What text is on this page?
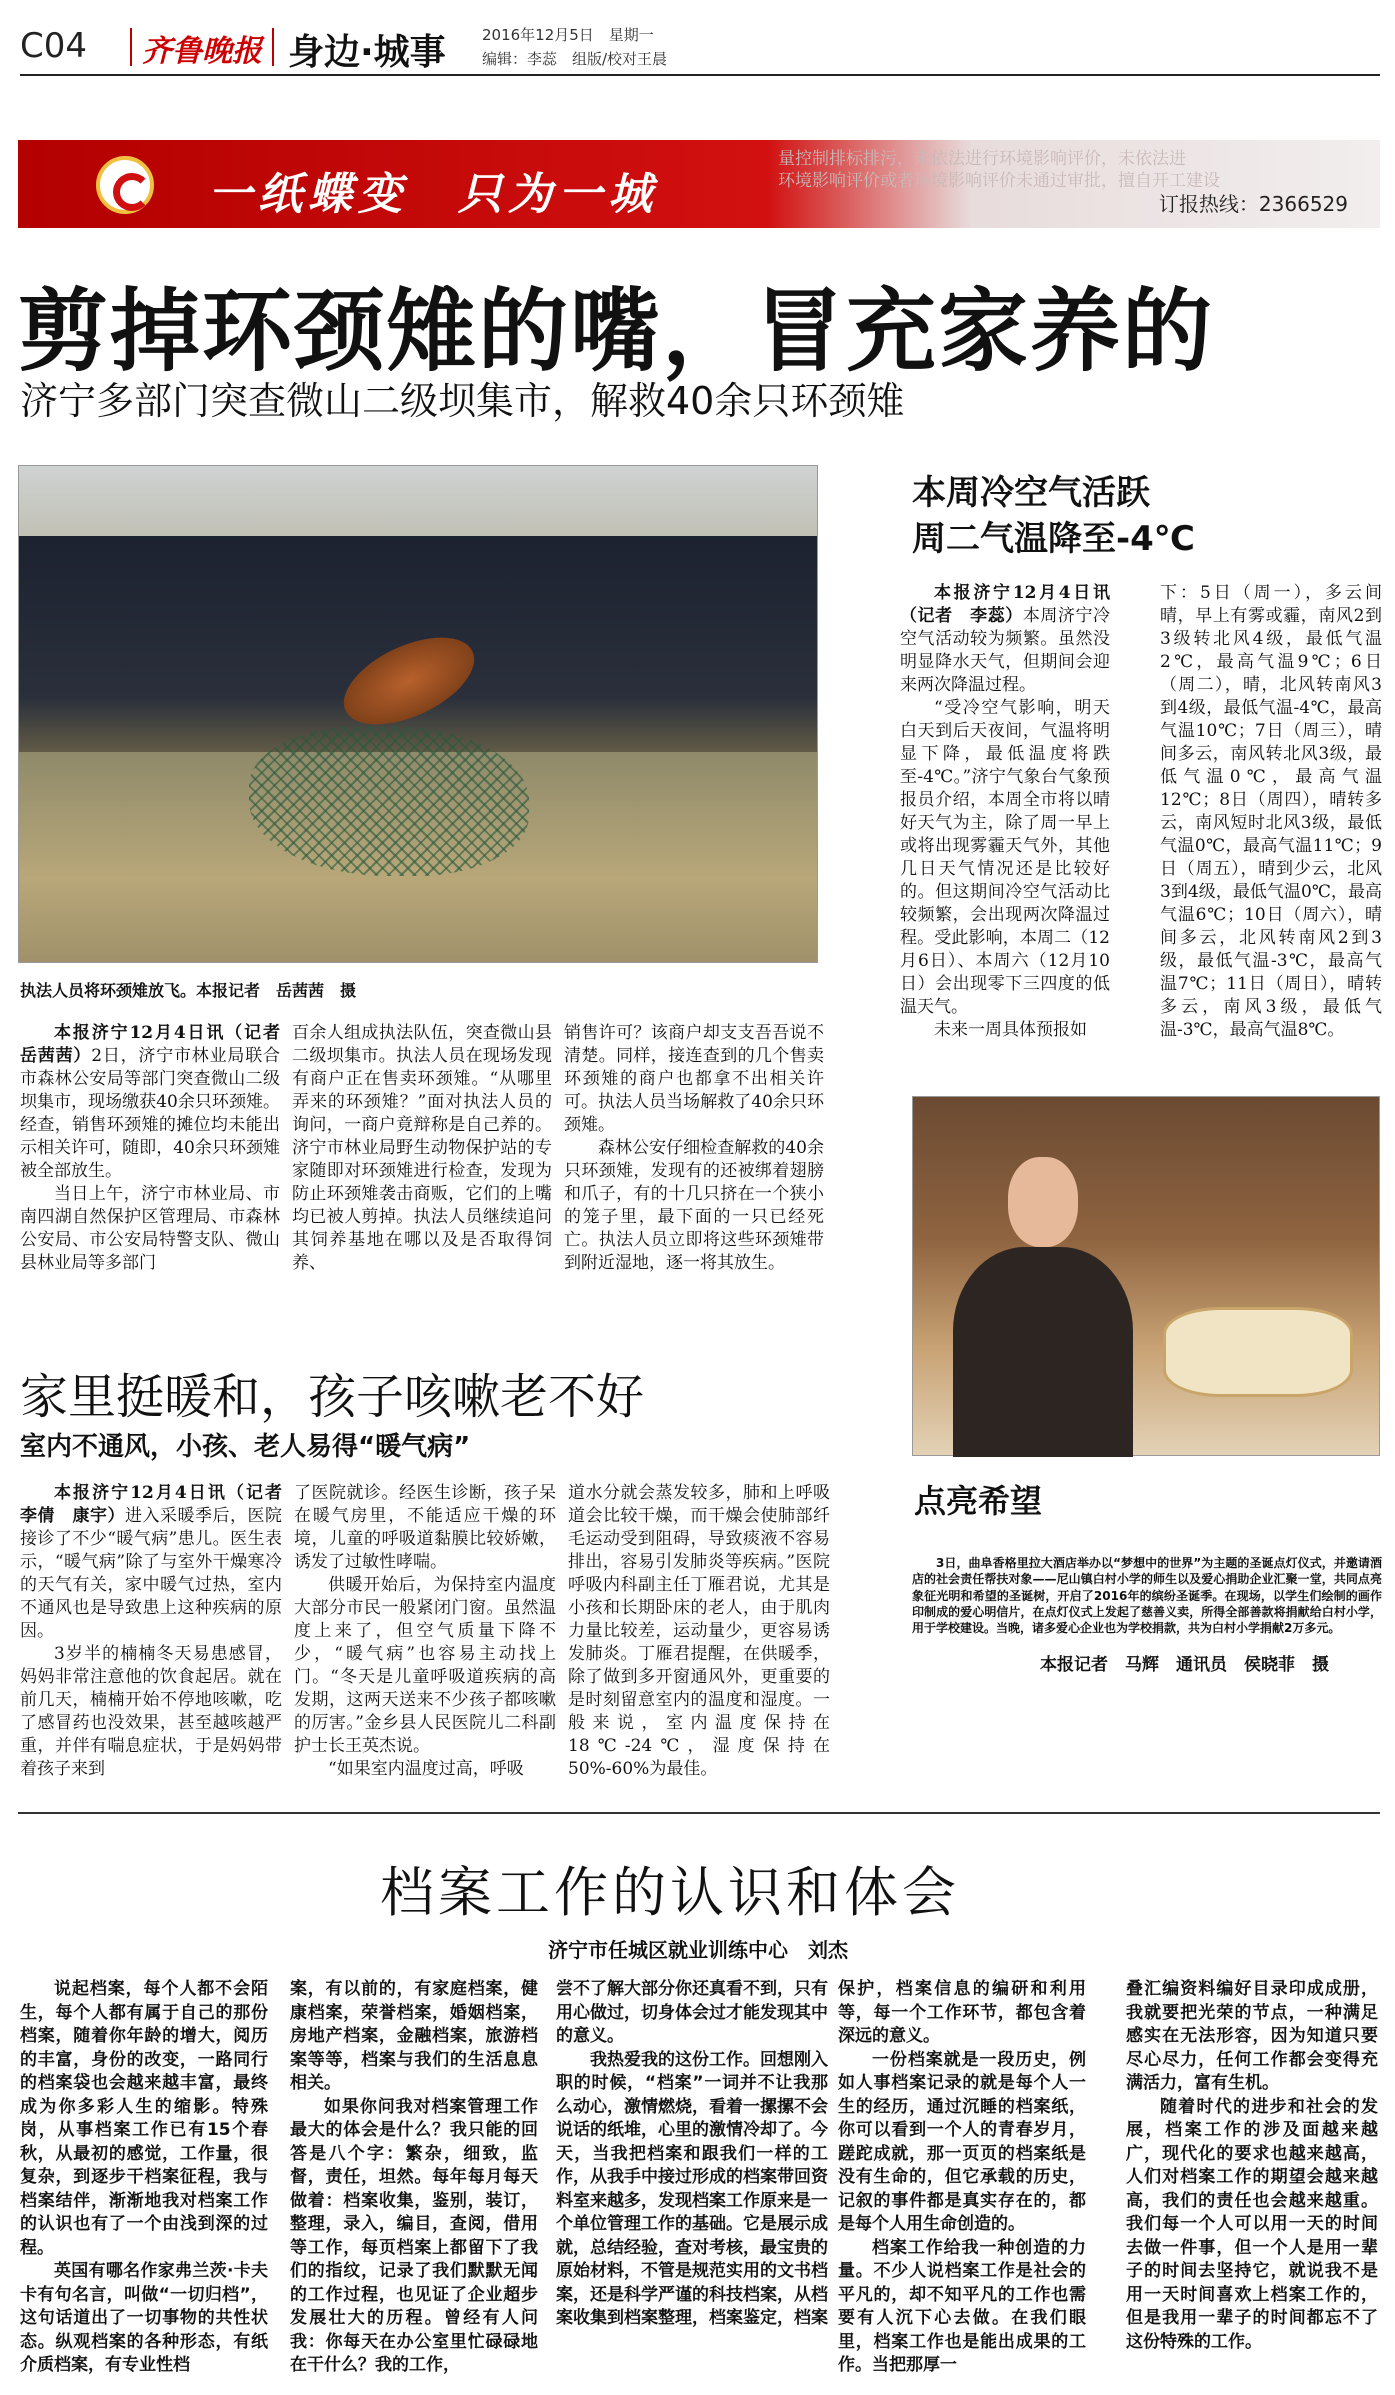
C04 齐鲁晚报 身边·城事 2016年12月5日　星期一
编辑：李蕊　组版/校对王晨
量控制排标排污，未依法进行环境影响评价，未依法进
环境影响评价或者环境影响评价未通过审批，擅自开工建设
一纸蝶变　只为一城	订报热线：2366529
剪掉环颈雉的嘴，冒充家养的
济宁多部门突查微山二级坝集市，解救40余只环颈雉
执法人员将环颈雉放飞。本报记者　岳茜茜　摄

本报济宁12月4日讯（记者　岳茜茜）2日，济宁市林业局联合市森林公安局等部门突查微山二级坝集市，现场缴获40余只环颈雉。经查，销售环颈雉的摊位均未能出示相关许可，随即，40余只环颈雉被全部放生。

当日上午，济宁市林业局、市南四湖自然保护区管理局、市森林公安局、市公安局特警支队、微山县林业局等多部门

百余人组成执法队伍，突查微山县二级坝集市。执法人员在现场发现有商户正在售卖环颈雉。“从哪里弄来的环颈雉？”面对执法人员的询问，一商户竟辩称是自己养的。济宁市林业局野生动物保护站的专家随即对环颈雉进行检查，发现为防止环颈雉袭击商贩，它们的上嘴均已被人剪掉。执法人员继续追问其饲养基地在哪以及是否取得饲养、

销售许可？该商户却支支吾吾说不清楚。同样，接连查到的几个售卖环颈雉的商户也都拿不出相关许可。执法人员当场解救了40余只环颈雉。

森林公安仔细检查解救的40余只环颈雉，发现有的还被绑着翅膀和爪子，有的十几只挤在一个狭小的笼子里，最下面的一只已经死亡。执法人员立即将这些环颈雉带到附近湿地，逐一将其放生。

本周冷空气活跃
周二气温降至-4℃

本报济宁12月4日讯（记者　李蕊）本周济宁冷空气活动较为频繁。虽然没明显降水天气，但期间会迎来两次降温过程。

“受冷空气影响，明天白天到后天夜间，气温将明显下降，最低温度将跌至-4℃。”济宁气象台气象预报员介绍，本周全市将以晴好天气为主，除了周一早上或将出现雾霾天气外，其他几日天气情况还是比较好的。但这期间冷空气活动比较频繁，会出现两次降温过程。受此影响，本周二（12月6日）、本周六（12月10日）会出现零下三四度的低温天气。

未来一周具体预报如

下：5日（周一），多云间晴，早上有雾或霾，南风2到3级转北风4级，最低气温2℃，最高气温9℃；6日（周二），晴，北风转南风3到4级，最低气温-4℃，最高气温10℃；7日（周三），晴间多云，南风转北风3级，最低气温0℃，最高气温12℃；8日（周四），晴转多云，南风短时北风3级，最低气温0℃，最高气温11℃；9日（周五），晴到少云，北风3到4级，最低气温0℃，最高气温6℃；10日（周六），晴间多云，北风转南风2到3级，最低气温-3℃，最高气温7℃；11日（周日），晴转多云，南风3级，最低气温-3℃，最高气温8℃。

点亮希望

3日，曲阜香格里拉大酒店举办以“梦想中的世界”为主题的圣诞点灯仪式，并邀请酒店的社会责任帮扶对象——尼山镇白村小学的师生以及爱心捐助企业汇聚一堂，共同点亮象征光明和希望的圣诞树，开启了2016年的缤纷圣诞季。在现场，以学生们绘制的画作印制成的爱心明信片，在点灯仪式上发起了慈善义卖，所得全部善款将捐献给白村小学，用于学校建设。当晚，诸多爱心企业也为学校捐款，共为白村小学捐献2万多元。

本报记者　马辉　通讯员　侯晓菲　摄
家里挺暖和，孩子咳嗽老不好
室内不通风，小孩、老人易得“暖气病”

本报济宁12月4日讯（记者　李倩　康宇）进入采暖季后，医院接诊了不少“暖气病”患儿。医生表示，“暖气病”除了与室外干燥寒冷的天气有关，家中暖气过热，室内不通风也是导致患上这种疾病的原因。

3岁半的楠楠冬天易患感冒，妈妈非常注意他的饮食起居。就在前几天，楠楠开始不停地咳嗽，吃了感冒药也没效果，甚至越咳越严重，并伴有喘息症状，于是妈妈带着孩子来到

了医院就诊。经医生诊断，孩子呆在暖气房里，不能适应干燥的环境，儿童的呼吸道黏膜比较娇嫩，诱发了过敏性哮喘。

供暖开始后，为保持室内温度大部分市民一般紧闭门窗。虽然温度上来了，但空气质量下降不少，“暖气病”也容易主动找上门。“冬天是儿童呼吸道疾病的高发期，这两天送来不少孩子都咳嗽的厉害。”金乡县人民医院儿二科副护士长王英杰说。

“如果室内温度过高，呼吸

道水分就会蒸发较多，肺和上呼吸道会比较干燥，而干燥会使肺部纤毛运动受到阻碍，导致痰液不容易排出，容易引发肺炎等疾病。”医院呼吸内科副主任丁雁君说，尤其是小孩和长期卧床的老人，由于肌肉力量比较差，运动量少，更容易诱发肺炎。丁雁君提醒，在供暖季，除了做到多开窗通风外，更重要的是时刻留意室内的温度和湿度。一般来说，室内温度保持在18℃-24℃，湿度保持在50%-60%为最佳。

档案工作的认识和体会
济宁市任城区就业训练中心　刘杰

说起档案，每个人都不会陌生，每个人都有属于自己的那份档案，随着你年龄的增大，阅历的丰富，身份的改变，一路同行的档案袋也会越来越丰富，最终成为你多彩人生的缩影。特殊岗，从事档案工作已有15个春秋，从最初的感觉，工作量，很复杂，到逐步干档案征程，我与档案结伴，渐渐地我对档案工作的认识也有了一个由浅到深的过程。

英国有哪名作家弗兰茨·卡夫卡有句名言，叫做“一切归档”，这句话道出了一切事物的共性状态。纵观档案的各种形态，有纸介质档案，有专业性档

案，有以前的，有家庭档案，健康档案，荣誉档案，婚姻档案，房地产档案，金融档案，旅游档案等等，档案与我们的生活息息相关。

如果你问我对档案管理工作最大的体会是什么？我只能的回答是八个字：繁杂，细致，监督，责任，坦然。每年每月每天做着：档案收集，鉴别，装订，整理，录入，编目，查阅，借用等工作，每页档案上都留下了我们的指纹，记录了我们默默无闻的工作过程，也见证了企业超步发展壮大的历程。曾经有人问我：你每天在办公室里忙碌碌地在干什么？我的工作，

尝不了解大部分你还真看不到，只有用心做过，切身体会过才能发现其中的意义。

我热爱我的这份工作。回想刚入职的时候，“档案”一词并不让我那么动心，激情燃烧，看着一摞摞不会说话的纸堆，心里的激情冷却了。今天，当我把档案和跟我们一样的工作，从我手中接过形成的档案带回资料室来越多，发现档案工作原来是一个单位管理工作的基础。它是展示成就，总结经验，查对考核，最宝贵的原始材料，不管是规范实用的文书档案，还是科学严谨的科技档案，从档案收集到档案整理，档案鉴定，档案

保护，档案信息的编研和利用等，每一个工作环节，都包含着深远的意义。

一份档案就是一段历史，例如人事档案记录的就是每个人一生的经历，通过沉睡的档案纸，你可以看到一个人的青春岁月，蹉跎成就，那一页页的档案纸是没有生命的，但它承载的历史，记叙的事件都是真实存在的，都是每个人用生命创造的。

档案工作给我一种创造的力量。不少人说档案工作是社会的平凡的，却不知平凡的工作也需要有人沉下心去做。在我们眼里，档案工作也是能出成果的工作。当把那厚一

叠汇编资料编好目录印成成册，我就要把光荣的节点，一种满足感实在无法形容，因为知道只要尽心尽力，任何工作都会变得充满活力，富有生机。

随着时代的进步和社会的发展，档案工作的涉及面越来越广，现代化的要求也越来越高，人们对档案工作的期望会越来越高，我们的责任也会越来越重。我们每一个人可以用一天的时间去做一件事，但一个人是用一辈子的时间去坚持它，就说我不是用一天时间喜欢上档案工作的，但是我用一辈子的时间都忘不了这份特殊的工作。
